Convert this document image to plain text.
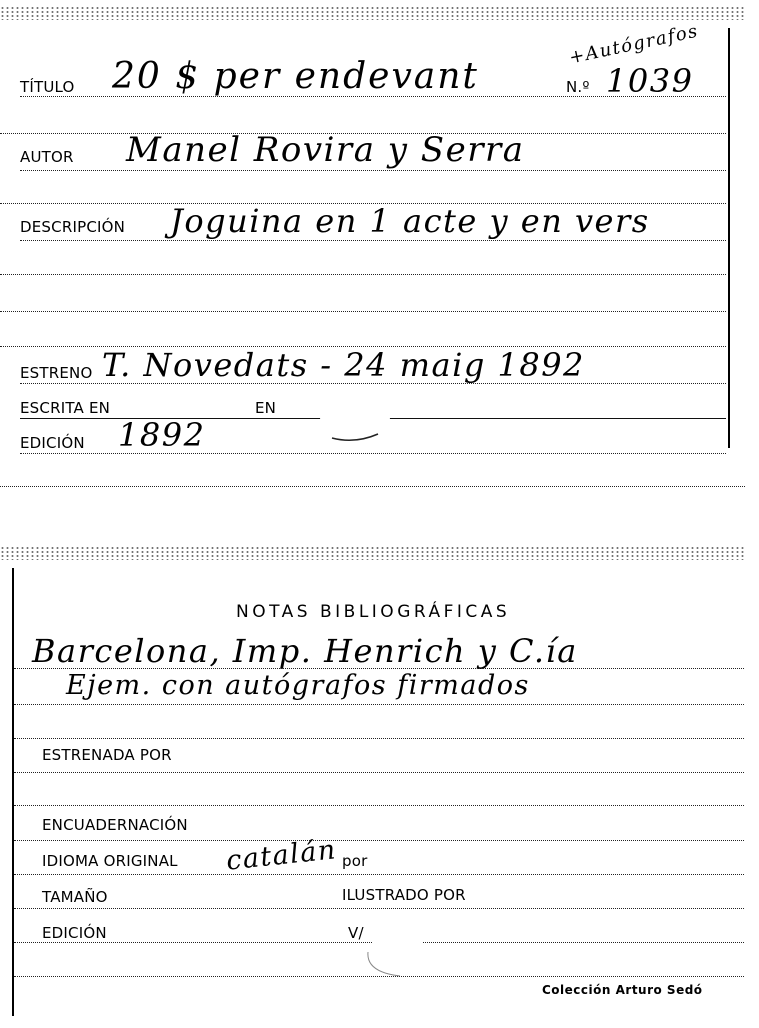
TÍTULO 20 $ per endevant	N.º 1039
+Autógrafos
AUTOR Manel Rovira y Serra
DESCRIPCIÓN Joguina en 1 acte y en vers
ESTRENO T. Novedats - 24 maig 1892
ESCRITA EN	EN
EDICIÓN 1892
NOTAS BIBLIOGRÁFICAS
Barcelona, Imp. Henrich y C.ía
Ejem. con autógrafos firmados
ESTRENADA POR
ENCUADERNACIÓN
IDIOMA ORIGINAL catalán por
TAMAÑO	ILUSTRADO POR
EDICIÓN	V/
Colección Arturo Sedó
